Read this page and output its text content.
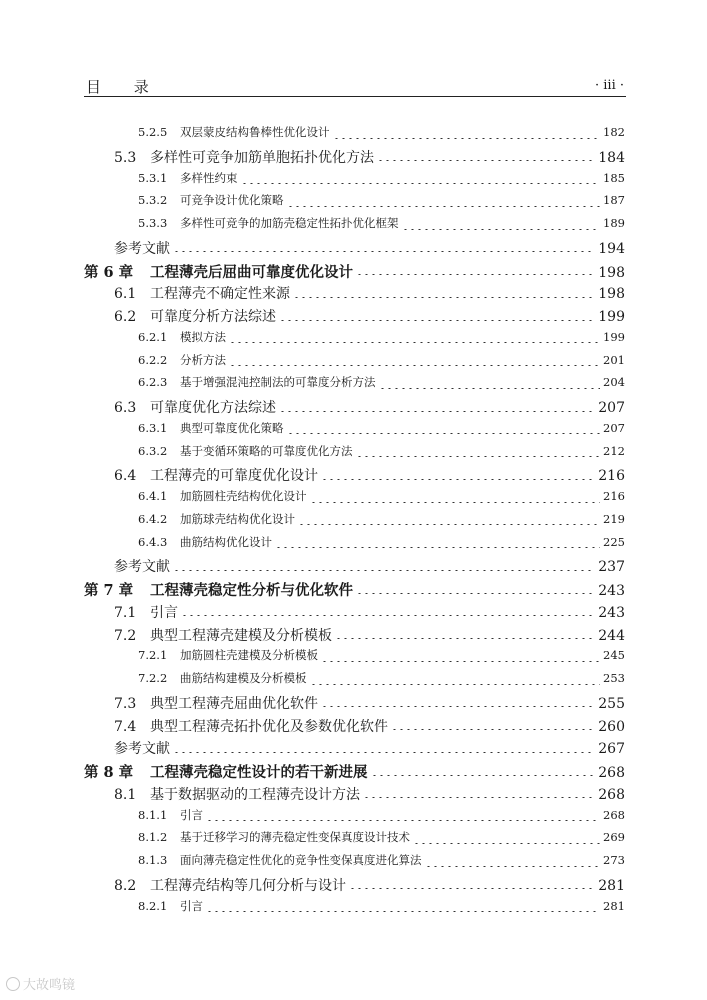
目 录	· iii ·
5.2.5	双层蒙皮结构鲁棒性优化设计	182
5.3 多样性可竞争加筋单胞拓扑优化方法	184
5.3.1	多样性约束	185
5.3.2	可竞争设计优化策略	187
5.3.3	多样性可竞争的加筋壳稳定性拓扑优化框架	189
参考文献	194
第 6 章	工程薄壳后屈曲可靠度优化设计	198
6.1 工程薄壳不确定性来源	198
6.2 可靠度分析方法综述	199
6.2.1	模拟方法	199
6.2.2	分析方法	201
6.2.3	基于增强混沌控制法的可靠度分析方法	204
6.3 可靠度优化方法综述	207
6.3.1	典型可靠度优化策略	207
6.3.2	基于变循环策略的可靠度优化方法	212
6.4 工程薄壳的可靠度优化设计	216
6.4.1	加筋圆柱壳结构优化设计	216
6.4.2	加筋球壳结构优化设计	219
6.4.3	曲筋结构优化设计	225
参考文献	237
第 7 章	工程薄壳稳定性分析与优化软件	243
7.1 引言	243
7.2 典型工程薄壳建模及分析模板	244
7.2.1	加筋圆柱壳建模及分析模板	245
7.2.2	曲筋结构建模及分析模板	253
7.3 典型工程薄壳屈曲优化软件	255
7.4 典型工程薄壳拓扑优化及参数优化软件	260
参考文献	267
第 8 章	工程薄壳稳定性设计的若干新进展	268
8.1 基于数据驱动的工程薄壳设计方法	268
8.1.1	引言	268
8.1.2	基于迁移学习的薄壳稳定性变保真度设计技术	269
8.1.3	面向薄壳稳定性优化的竞争性变保真度进化算法	273
8.2 工程薄壳结构等几何分析与设计	281
8.2.1	引言	281
大故鸣镜
